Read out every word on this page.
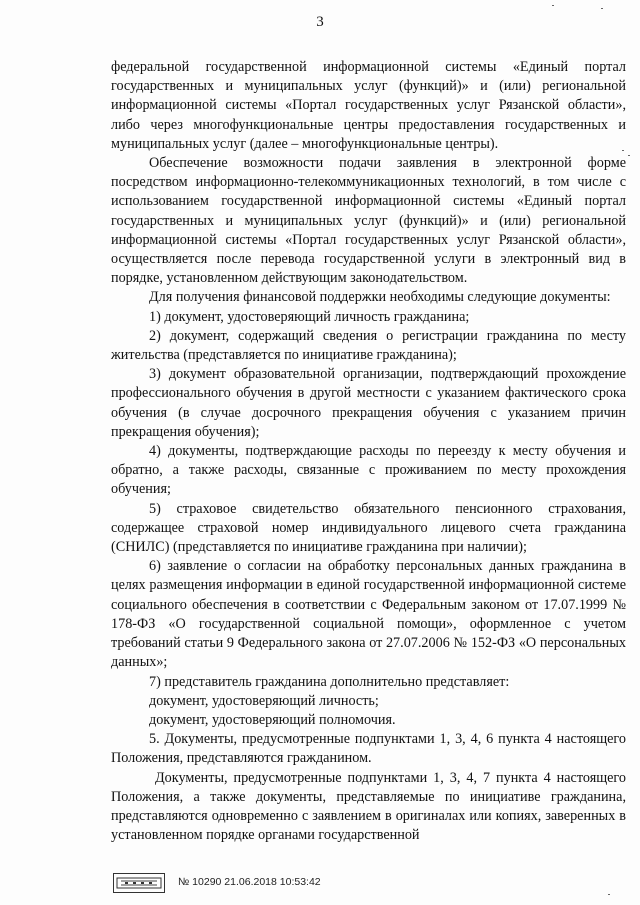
3

федеральной государственной информационной системы «Единый портал государственных и муниципальных услуг (функций)» и (или) региональной информационной системы «Портал государственных услуг Рязанской области», либо через многофункциональные центры предоставления государственных и муниципальных услуг (далее – многофункциональные центры).

Обеспечение возможности подачи заявления в электронной форме посредством информационно-телекоммуникационных технологий, в том числе с использованием государственной информационной системы «Единый портал государственных и муниципальных услуг (функций)» и (или) региональной информационной системы «Портал государственных услуг Рязанской области», осуществляется после перевода государственной услуги в электронный вид в порядке, установленном действующим законодательством.

Для получения финансовой поддержки необходимы следующие документы:

1) документ, удостоверяющий личность гражданина;

2) документ, содержащий сведения о регистрации гражданина по месту жительства (представляется по инициативе гражданина);

3) документ образовательной организации, подтверждающий прохождение профессионального обучения в другой местности с указанием фактического срока обучения (в случае досрочного прекращения обучения с указанием причин прекращения обучения);

4) документы, подтверждающие расходы по переезду к месту обучения и обратно, а также расходы, связанные с проживанием по месту прохождения обучения;

5) страховое свидетельство обязательного пенсионного страхования, содержащее страховой номер индивидуального лицевого счета гражданина (СНИЛС) (представляется по инициативе гражданина при наличии);

6) заявление о согласии на обработку персональных данных гражданина в целях размещения информации в единой государственной информационной системе социального обеспечения в соответствии с Федеральным законом от 17.07.1999 № 178-ФЗ «О государственной социальной помощи», оформленное с учетом требований статьи 9 Федерального закона от 27.07.2006 № 152-ФЗ «О персональных данных»;

7) представитель гражданина дополнительно представляет:

документ, удостоверяющий личность;

документ, удостоверяющий полномочия.

5. Документы, предусмотренные подпунктами 1, 3, 4, 6 пункта 4 настоящего Положения, представляются гражданином.

Документы, предусмотренные подпунктами 1, 3, 4, 7 пункта 4 настоящего Положения, а также документы, представляемые по инициативе гражданина, представляются одновременно с заявлением в оригиналах или копиях, заверенных в установленном порядке органами государственной

№ 10290 21.06.2018 10:53:42
